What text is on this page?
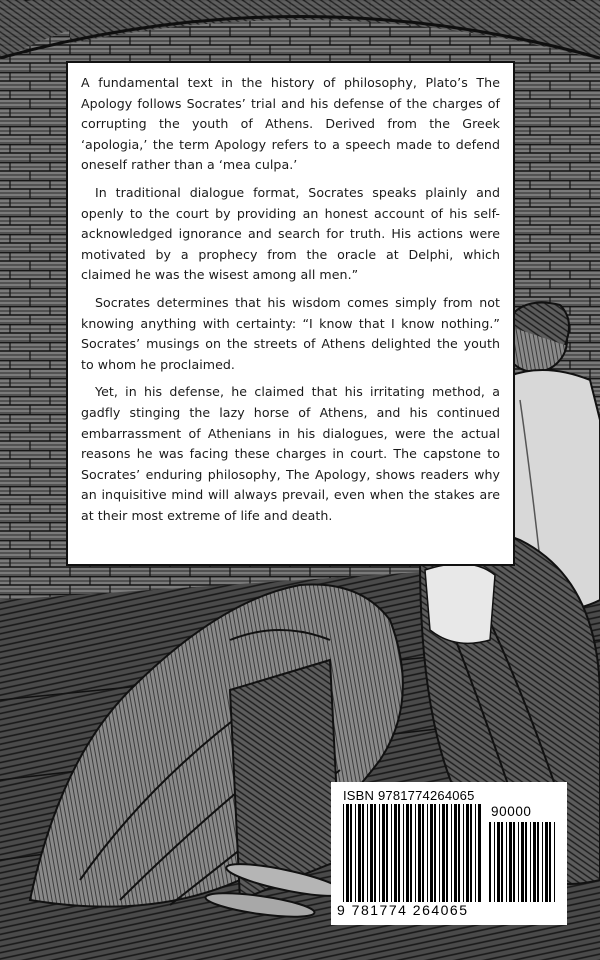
A fundamental text in the history of philosophy, Plato’s The Apology follows Socrates’ trial and his defense of the charges of corrupting the youth of Athens. Derived from the Greek ‘apologia,’ the term Apology refers to a speech made to defend oneself rather than a ‘mea culpa.’

In traditional dialogue format, Socrates speaks plainly and openly to the court by providing an honest account of his self-acknowledged ignorance and search for truth. His actions were motivated by a prophecy from the oracle at Delphi, which claimed he was the wisest among all men.”

Socrates determines that his wisdom comes simply from not knowing anything with certainty: “I know that I know nothing.” Socrates’ musings on the streets of Athens delighted the youth to whom he proclaimed.

Yet, in his defense, he claimed that his irritating method, a gadfly stinging the lazy horse of Athens, and his continued embarrassment of Athenians in his dialogues, were the actual reasons he was facing these charges in court. The capstone to Socrates’ enduring philosophy, The Apology, shows readers why an inquisitive mind will always prevail, even when the stakes are at their most extreme of life and death.

ISBN 9781774264065
90000
9 781774 264065
